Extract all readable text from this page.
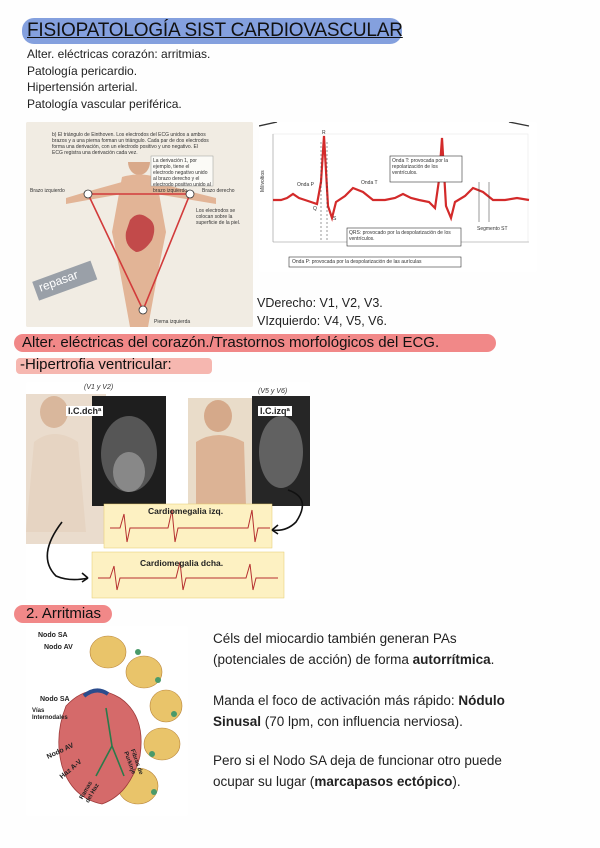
FISIOPATOLOGÍA SIST CARDIOVASCULAR
Alter. eléctricas corazón: arritmias.
Patología pericardio.
Hipertensión arterial.
Patología vascular periférica.
b) El triángulo de Einthoven. Los electrodos del ECG unidos a ambos brazos y a una pierna forman un triángulo. Cada par de dos electrodos forma una derivación, con un electrodo positivo y uno negativo. El ECG registra una derivación cada vez.
La derivación 1, por ejemplo, tiene el electrodo negativo unido al brazo derecho y el electrodo positivo unido al brazo izquierdo.
Brazo izquierdo	Brazo derecho
Los electrodos se colocan sobre la superficie de la piel.
Pierna izquierda
repasar
Milivoltios	Onda P	Onda T
R
Q
S
Onda T: provocada por la repolarización de los ventrículos.
QRS: provocado por la despolarización de los ventrículos.
Onda P: provocada por la despolarización de las aurículas
Segmento ST
VDerecho: V1, V2, V3.
VIzquierdo: V4, V5, V6.
Alter. eléctricas del corazón./Trastornos morfológicos del ECG.
-Hipertrofia ventricular:
I.C.dchª	I.C.izqª
(V1 y V2)
(V5 y V6)
Cardiomegalia izq.
Cardiomegalia dcha.
2. Arritmias
Nodo SA
Nodo AV
Nodo SA
Vías Internodales
Nodo AV
Haz A-V
Ramas del Haz
Fibras de Purkinje
Céls del miocardio también generan PAs
(potenciales de acción) de forma autorrítmica.
Manda el foco de activación más rápido: Nódulo Sinusal (70 lpm, con influencia nerviosa).
Pero si el Nodo SA deja de funcionar otro puede ocupar su lugar (marcapasos ectópico).
